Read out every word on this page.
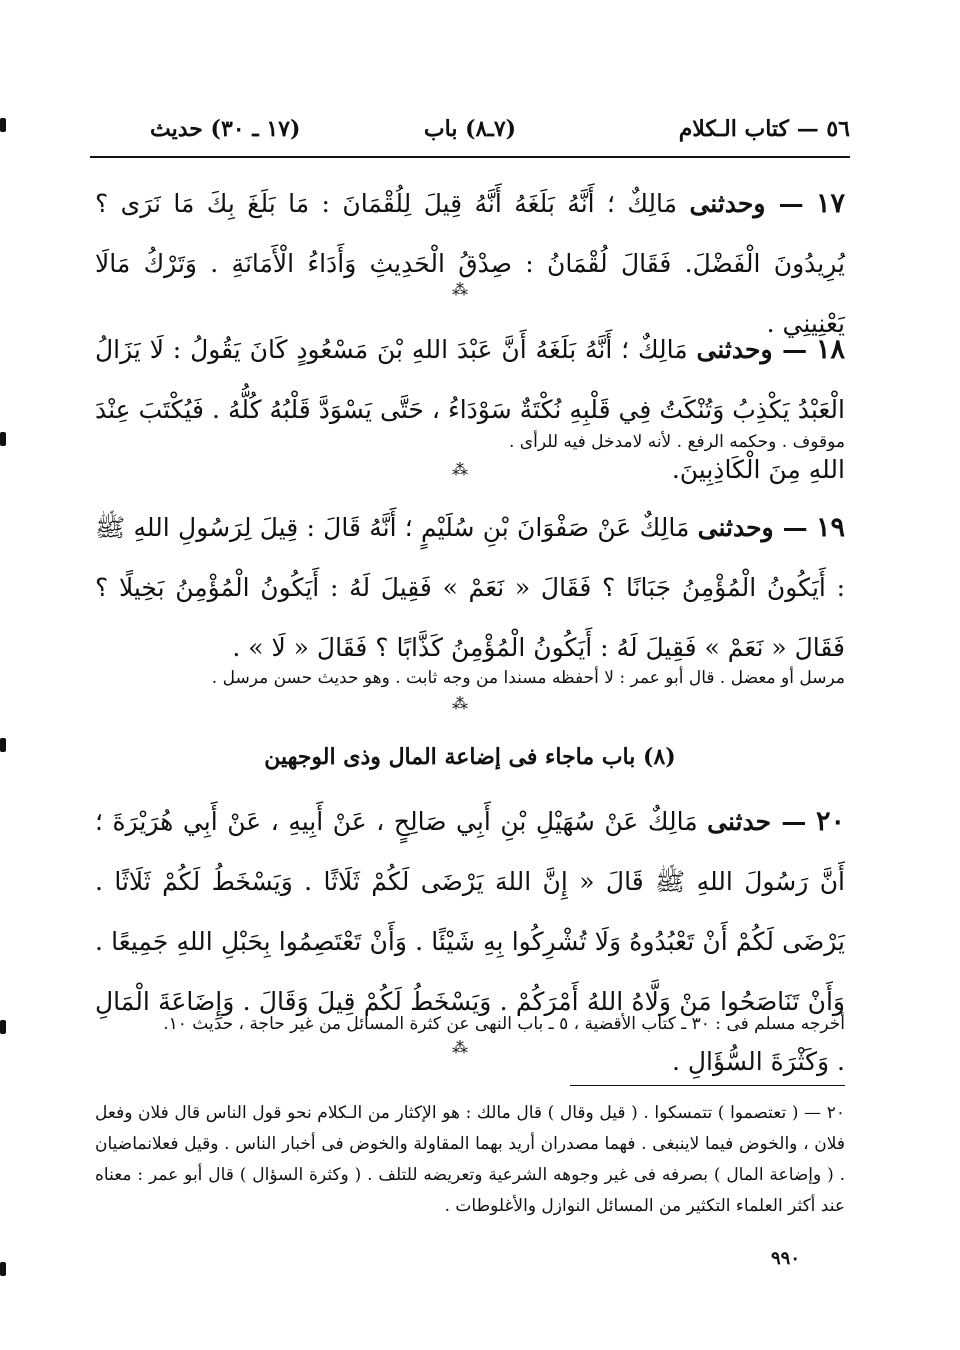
٥٦ — كتاب الـكلام
(٧ـ٨) باب
(١٧ ـ ٣٠) حديث
١٧ — وحدثنى مَالِكٌ ؛ أَنَّهُ بَلَغَهُ أَنَّهُ قِيلَ لِلُقْمَانَ : مَا بَلَغَ بِكَ مَا نَرَى ؟ يُرِيدُونَ الْفَضْلَ. فَقَالَ لُقْمَانُ : صِدْقُ الْحَدِيثِ وَأَدَاءُ الْأَمَانَةِ . وَتَرْكُ مَالَا يَعْنِينِي .
⁂
١٨ — وحدثنى مَالِكٌ ؛ أَنَّهُ بَلَغَهُ أَنَّ عَبْدَ اللهِ بْنَ مَسْعُودٍ كَانَ يَقُولُ : لَا يَزَالُ الْعَبْدُ يَكْذِبُ وَتُنْكَتُ فِي قَلْبِهِ نُكْتَةٌ سَوْدَاءُ ، حَتَّى يَسْوَدَّ قَلْبُهُ كُلُّهُ . فَيُكْتَبَ عِنْدَ اللهِ مِنَ الْكَاذِبِينَ.
موقوف . وحكمه الرفع . لأنه لامدخل فيه للرأى .
⁂
١٩ — وحدثنى مَالِكٌ عَنْ صَفْوَانَ بْنِ سُلَيْمٍ ؛ أَنَّهُ قَالَ : قِيلَ لِرَسُولِ اللهِ ﷺ : أَيَكُونُ الْمُؤْمِنُ جَبَانًا ؟ فَقَالَ « نَعَمْ » فَقِيلَ لَهُ : أَيَكُونُ الْمُؤْمِنُ بَخِيلًا ؟ فَقَالَ « نَعَمْ » فَقِيلَ لَهُ : أَيَكُونُ الْمُؤْمِنُ كَذَّابًا ؟ فَقَالَ « لَا » .
مرسل أو معضل . قال أبو عمر : لا أحفظه مسندا من وجه ثابت . وهو حديث حسن مرسل .
⁂
(٨) باب ماجاء فى إضاعة المال وذى الوجهين
٢٠ — حدثنى مَالِكٌ عَنْ سُهَيْلِ بْنِ أَبِي صَالِحٍ ، عَنْ أَبِيهِ ، عَنْ أَبِي هُرَيْرَةَ ؛ أَنَّ رَسُولَ اللهِ ﷺ قَالَ « إِنَّ اللهَ يَرْضَى لَكُمْ ثَلَاثًا . وَيَسْخَطُ لَكُمْ ثَلَاثًا . يَرْضَى لَكُمْ أَنْ تَعْبُدُوهُ وَلَا تُشْرِكُوا بِهِ شَيْئًا . وَأَنْ تَعْتَصِمُوا بِحَبْلِ اللهِ جَمِيعًا . وَأَنْ تَنَاصَحُوا مَنْ وَلَّاهُ اللهُ أَمْرَكُمْ . وَيَسْخَطُ لَكُمْ قِيلَ وَقَالَ . وَإِضَاعَةَ الْمَالِ . وَكَثْرَةَ السُّؤَالِ .
أخرجه مسلم فى : ٣٠ ـ كتاب الأقضية ، ٥ ـ باب النهى عن كثرة المسائل من غير حاجة ، حديث ١٠.
⁂
٢٠ — ( تعتصموا ) تتمسكوا . ( قيل وقال ) قال مالك : هو الإكثار من الـكلام نحو قول الناس قال فلان وفعل فلان ، والخوض فيما لاينبغى . فهما مصدران أريد بهما المقاولة والخوض فى أخبار الناس . وقيل فعلانماضيان . ( وإضاعة المال ) بصرفه فى غير وجوهه الشرعية وتعريضه للتلف . ( وكثرة السؤال ) قال أبو عمر : معناه عند أكثر العلماء التكثير من المسائل النوازل والأغلوطات .
٩٩٠
